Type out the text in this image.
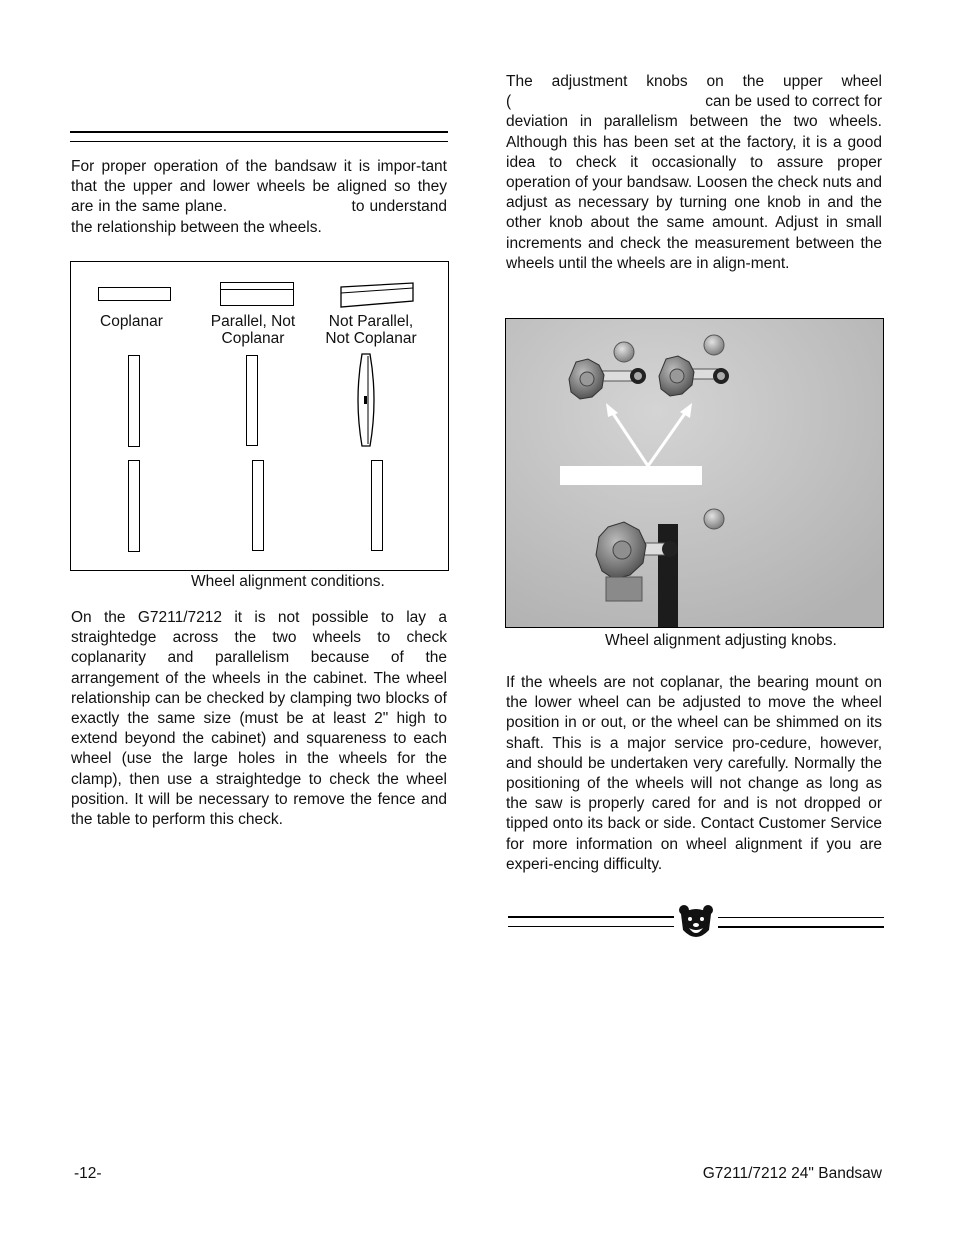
For proper operation of the bandsaw it is impor-tant that the upper and lower wheels be aligned so they are in the same plane.                         to understand the relationship between the wheels.

Coplanar	Parallel, Not
Coplanar
Not Parallel,
Not Coplanar
Wheel alignment conditions.

On the G7211/7212 it is not possible to lay a straightedge across the two wheels to check coplanarity and parallelism because of the arrangement of the wheels in the cabinet. The wheel relationship can be checked by clamping two blocks of exactly the same size (must be at least 2" high to extend beyond the cabinet) and squareness to each wheel (use the large holes in the wheels for the clamp), then use a straightedge to check the wheel position. It will be necessary to remove the fence and the table to perform this check.

The adjustment knobs on the upper wheel (                                           can be used to correct for deviation in parallelism between the two wheels. Although this has been set at the factory, it is a good idea to check it occasionally to assure proper operation of your bandsaw. Loosen the check nuts and adjust as necessary by turning one knob in and the other knob about the same amount. Adjust in small increments and check the measurement between the wheels until the wheels are in align-ment.

Wheel alignment adjusting knobs.

If the wheels are not coplanar, the bearing mount on the lower wheel can be adjusted to move the wheel position in or out, or the wheel can be shimmed on its shaft. This is a major service pro-cedure, however, and should be undertaken very carefully. Normally the positioning of the wheels will not change as long as the saw is properly cared for and is not dropped or tipped onto its back or side. Contact Customer Service for more information on wheel alignment if you are experi-encing difficulty.

-12-	G7211/7212 24" Bandsaw
